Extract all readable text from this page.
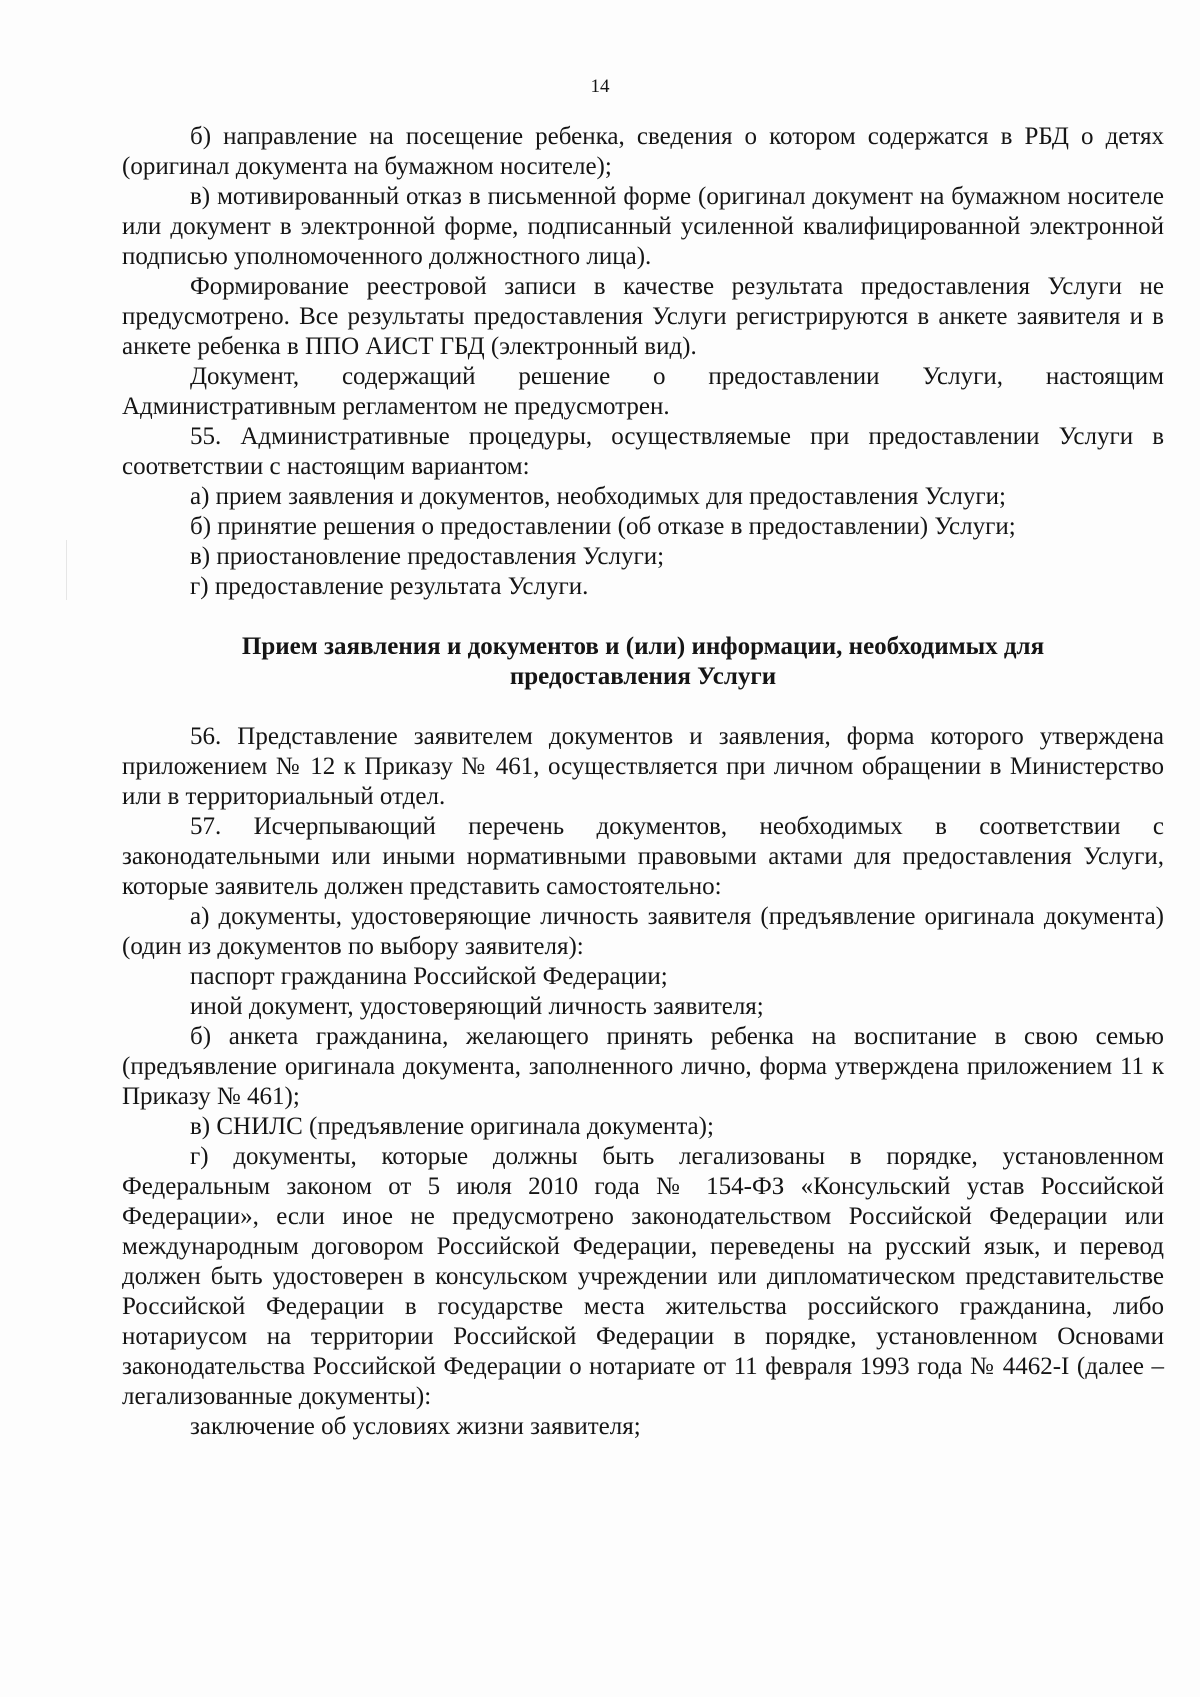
14

б) направление на посещение ребенка, сведения о котором содержатся в РБД о детях (оригинал документа на бумажном носителе);

в) мотивированный отказ в письменной форме (оригинал документ на бумажном носителе или документ в электронной форме, подписанный усиленной квалифицированной электронной подписью уполномоченного должностного лица).

Формирование реестровой записи в качестве результата предоставления Услуги не предусмотрено. Все результаты предоставления Услуги регистрируются в анкете заявителя и в анкете ребенка в ППО АИСТ ГБД (электронный вид).

Документ, содержащий решение о предоставлении Услуги, настоящим Административным регламентом не предусмотрен.

55. Административные процедуры, осуществляемые при предоставлении Услуги в соответствии с настоящим вариантом:

а) прием заявления и документов, необходимых для предоставления Услуги;

б) принятие решения о предоставлении (об отказе в предоставлении) Услуги;

в) приостановление предоставления Услуги;

г) предоставление результата Услуги.

Прием заявления и документов и (или) информации, необходимых для предоставления Услуги

56. Представление заявителем документов и заявления, форма которого утверждена приложением № 12 к Приказу № 461, осуществляется при личном обращении в Министерство или в территориальный отдел.

57. Исчерпывающий перечень документов, необходимых в соответствии с законодательными или иными нормативными правовыми актами для предоставления Услуги, которые заявитель должен представить самостоятельно:

а) документы, удостоверяющие личность заявителя (предъявление оригинала документа) (один из документов по выбору заявителя):

паспорт гражданина Российской Федерации;

иной документ, удостоверяющий личность заявителя;

б) анкета гражданина, желающего принять ребенка на воспитание в свою семью (предъявление оригинала документа, заполненного лично, форма утверждена приложением 11 к Приказу № 461);

в) СНИЛС (предъявление оригинала документа);

г) документы, которые должны быть легализованы в порядке, установленном Федеральным законом от 5 июля 2010 года № 154-ФЗ «Консульский устав Российской Федерации», если иное не предусмотрено законодательством Российской Федерации или международным договором Российской Федерации, переведены на русский язык, и перевод должен быть удостоверен в консульском учреждении или дипломатическом представительстве Российской Федерации в государстве места жительства российского гражданина, либо нотариусом на территории Российской Федерации в порядке, установленном Основами законодательства Российской Федерации о нотариате от 11 февраля 1993 года № 4462-I (далее – легализованные документы):

заключение об условиях жизни заявителя;
